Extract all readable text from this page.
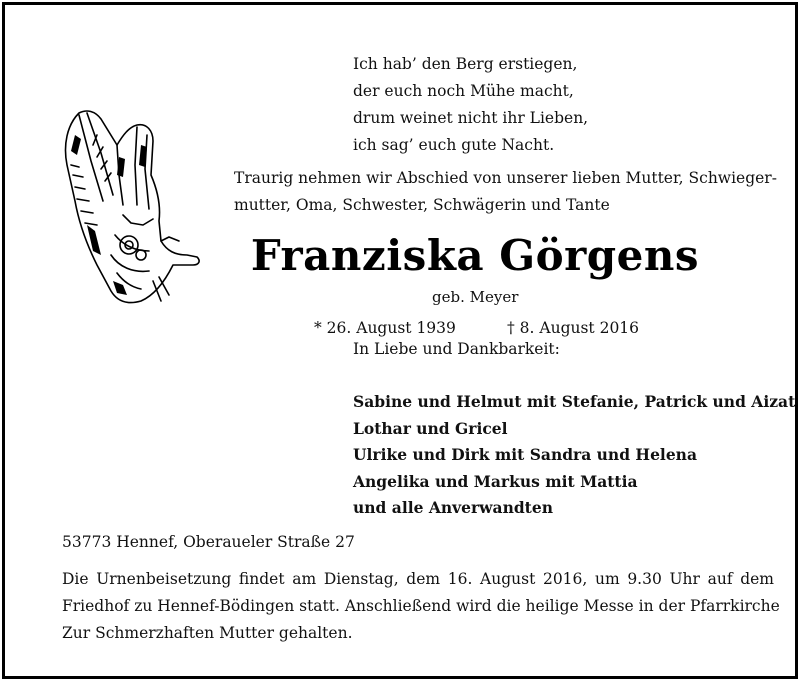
Ich hab’ den Berg erstiegen,
der euch noch Mühe macht,
drum weinet nicht ihr Lieben,
ich sag’ euch gute Nacht.
Traurig nehmen wir Abschied von unserer lieben Mutter, Schwieger-
mutter, Oma, Schwester, Schwägerin und Tante
Franziska Görgens
geb. Meyer
* 26. August 1939	† 8. August 2016
In Liebe und Dankbarkeit:
Sabine und Helmut mit Stefanie, Patrick und Aizat
Lothar und Gricel
Ulrike und Dirk mit Sandra und Helena
Angelika und Markus mit Mattia
und alle Anverwandten
53773 Hennef, Oberaueler Straße 27
Die Urnenbeisetzung findet am Dienstag, dem 16. August 2016, um 9.30 Uhr auf dem
Friedhof zu Hennef-Bödingen statt. Anschließend wird die heilige Messe in der Pfarrkirche
Zur Schmerzhaften Mutter gehalten.
